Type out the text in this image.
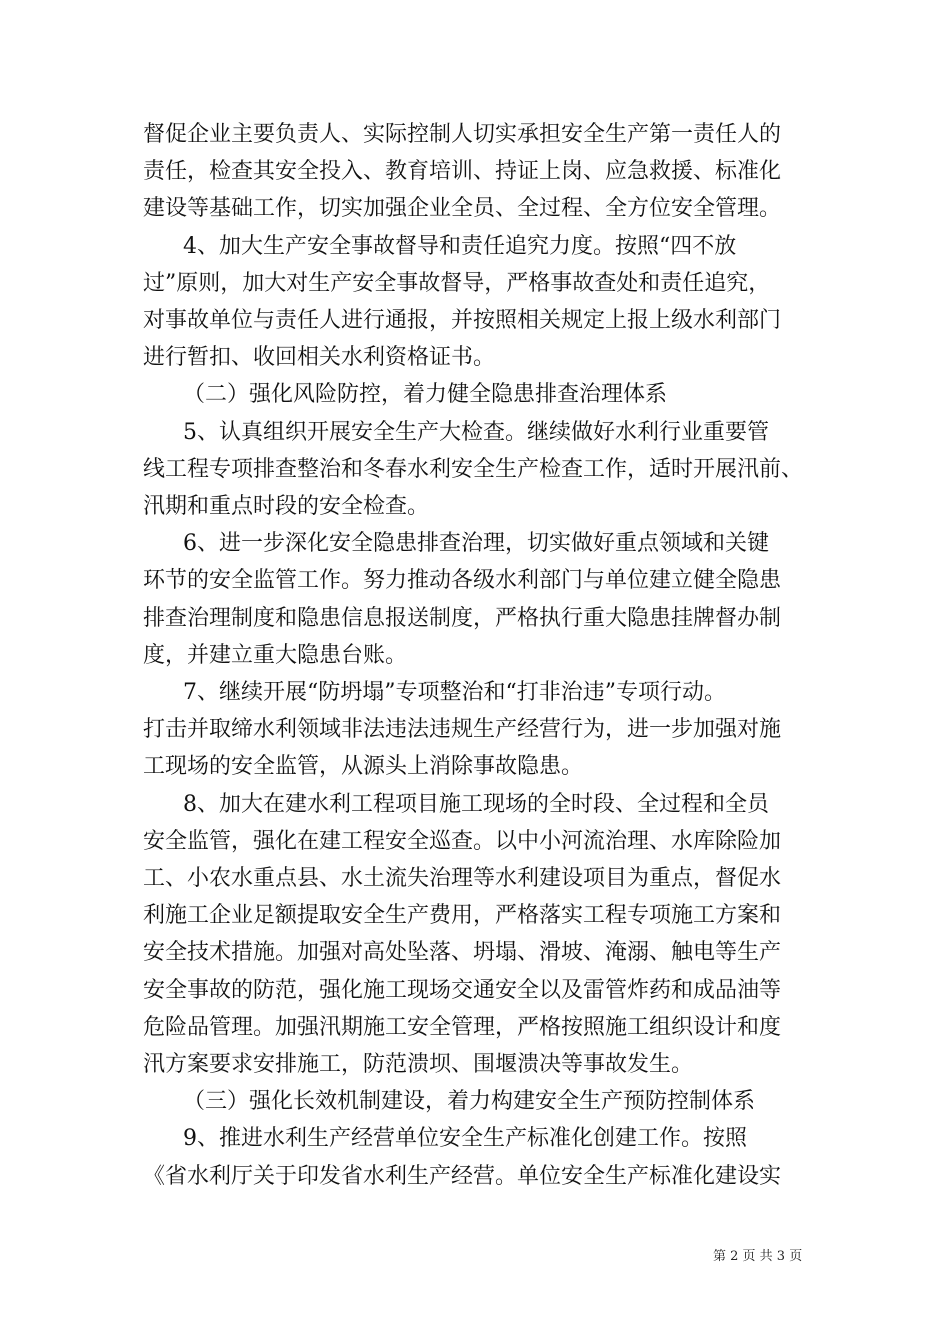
督促企业主要负责人、实际控制人切实承担安全生产第一责任人的
责任，检查其安全投入、教育培训、持证上岗、应急救援、标准化
建设等基础工作，切实加强企业全员、全过程、全方位安全管理。
4、加大生产安全事故督导和责任追究力度。按照“四不放
过”原则，加大对生产安全事故督导，严格事故查处和责任追究，
对事故单位与责任人进行通报，并按照相关规定上报上级水利部门
进行暂扣、收回相关水利资格证书。
（二）强化风险防控，着力健全隐患排查治理体系
5、认真组织开展安全生产大检查。继续做好水利行业重要管
线工程专项排查整治和冬春水利安全生产检查工作，适时开展汛前、
汛期和重点时段的安全检查。
6、进一步深化安全隐患排查治理，切实做好重点领域和关键
环节的安全监管工作。努力推动各级水利部门与单位建立健全隐患
排查治理制度和隐患信息报送制度，严格执行重大隐患挂牌督办制
度，并建立重大隐患台账。
7、继续开展“防坍塌”专项整治和“打非治违”专项行动。
打击并取缔水利领域非法违法违规生产经营行为，进一步加强对施
工现场的安全监管，从源头上消除事故隐患。
8、加大在建水利工程项目施工现场的全时段、全过程和全员
安全监管，强化在建工程安全巡查。以中小河流治理、水库除险加
工、小农水重点县、水土流失治理等水利建设项目为重点，督促水
利施工企业足额提取安全生产费用，严格落实工程专项施工方案和
安全技术措施。加强对高处坠落、坍塌、滑坡、淹溺、触电等生产
安全事故的防范，强化施工现场交通安全以及雷管炸药和成品油等
危险品管理。加强汛期施工安全管理，严格按照施工组织设计和度
汛方案要求安排施工，防范溃坝、围堰溃决等事故发生。
（三）强化长效机制建设，着力构建安全生产预防控制体系
9、推进水利生产经营单位安全生产标准化创建工作。按照
《省水利厅关于印发省水利生产经营。单位安全生产标准化建设实
第 2 页 共 3 页
